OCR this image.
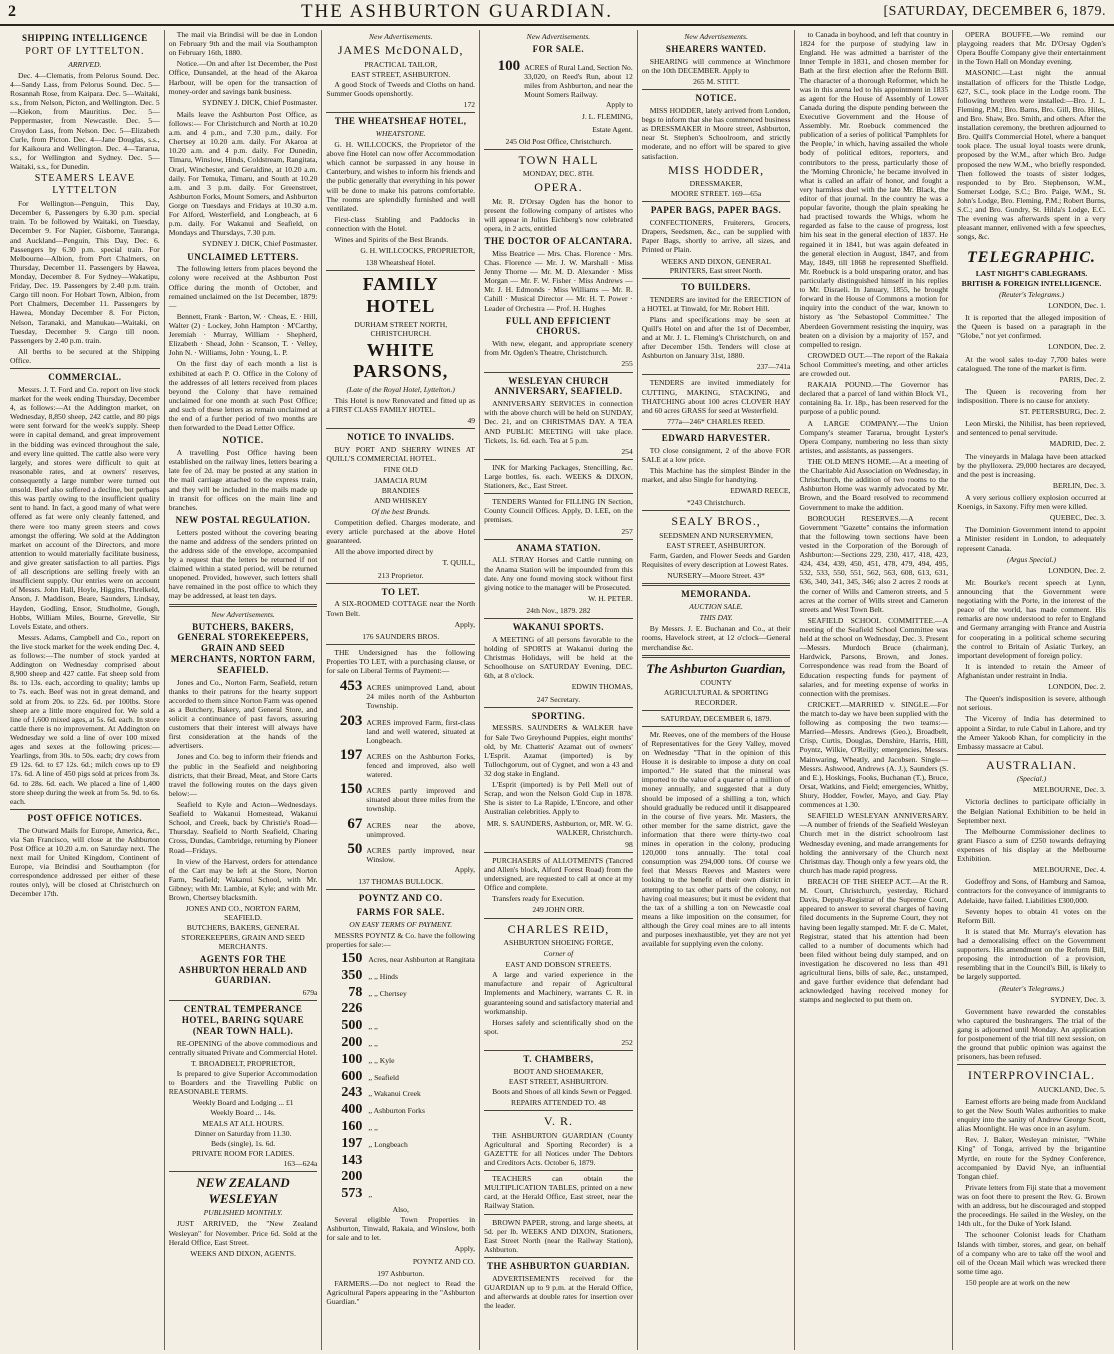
2	THE ASHBURTON GUARDIAN.	[SATURDAY, DECEMBER 6, 1879.
SHIPPING INTELLIGENCE
PORT OF LYTTELTON.
ARRIVED.

Dec. 4—Clematis, from Pelorus Sound. Dec. 4—Sandy Lass, from Pelorus Sound. Dec. 5—Rosannah Rose, from Kaipara. Dec. 5—Waitaki, s.s., from Nelson, Picton, and Wellington. Dec. 5—Kiekon, from Mauritius. Dec. 5—Peppermaster, from Newcastle. Dec. 5—Croydon Lass, from Nelson. Dec. 5—Elizabeth Curle, from Picton. Dec. 4—Jane Douglas, s.s., for Kaikoura and Wellington. Dec. 4—Tararua, s.s., for Wellington and Sydney. Dec. 5—Waitaki, s.s., for Dunedin.

STEAMERS LEAVE LYTTELTON

For Wellington—Penguin, This Day, December 6, Passengers by 6.30 p.m. special train. To be followed by Waitaki, on Tuesday, December 9. For Napier, Gisborne, Tauranga, and Auckland—Penguin, This Day, Dec. 6. Passengers by 6.30 p.m. special train. For Melbourne—Albion, from Port Chalmers, on Thursday, December 11. Passengers by Hawea, Monday, December 8. For Sydney—Wakatipu, Friday, Dec. 19. Passengers by 2.40 p.m. train. Cargo till noon. For Hobart Town, Albion, from Port Chalmers, December 11. Passengers by Hawea, Monday December 8. For Picton, Nelson, Taranaki, and Manukau—Waitaki, on Tuesday, December 9. Cargo till noon. Passengers by 2.40 p.m. train.

All berths to be secured at the Shipping Office.

COMMERCIAL.

Messrs. J. T. Ford and Co. report on live stock market for the week ending Thursday, December 4, as follows:—At the Addington market, on Wednesday, 8,850 sheep, 242 cattle, and 80 pigs were sent forward for the week's supply. Sheep were in capital demand, and great improvement in the bidding was evinced throughout the sale, and every line quitted. The cattle also were very largely, and stores were difficult to quit at reasonable rates, and at owners' reserves, consequently a large number were turned out unsold. Beef also suffered a decline, but perhaps this was partly owing to the insufficient quality sent to hand. In fact, a good many of what were offered as fat were only cleanly fattened, and there were too many green steers and cows amongst the offering. We sold at the Addington market on account of the Directors, and more attention to would materially facilitate business, and give greater satisfaction to all parties. Pigs of all descriptions are selling freely with an insufficient supply. Our entries were on account of Messrs. John Hall, Hoyle, Higgins, Threlkeld, Anson, J. Maddison, Beare, Saunders, Lindsay, Hayden, Godling, Ensor, Studholme, Gough, Hobbs, William Miles, Bourne, Grevelle, Sir Lovels Estate, and others.

Messrs. Adams, Campbell and Co., report on the live stock market for the week ending Dec. 4, as follows:—The number of stock yarded at Addington on Wednesday comprised about 8,900 sheep and 427 cattle. Fat sheep sold from 8s. to 13s. each, according to quality; lambs up to 7s. each. Beef was not in great demand, and sold at from 20s. to 22s. 6d. per 100lbs. Store sheep are a little more enquired for. We sold a line of 1,600 mixed ages, at 5s. 6d. each. In store cattle there is no improvement. At Addington on Wednesday we sold a line of over 100 mixed ages and sexes at the following prices:—Yearlings, from 30s. to 50s. each; dry cows from £9 12s. 6d. to £7 12s. 6d.; milch cows up to £9 17s. 6d. A line of 450 pigs sold at prices from 3s. 6d. to 28s. 6d. each. We placed a line of 1,400 store sheep during the week at from 5s. 9d. to 6s. each.

POST OFFICE NOTICES.

The Outward Mails for Europe, America, &c., via San Francisco, will close at the Ashburton Post Office at 10.20 a.m. on Saturday next. The next mail for United Kingdom, Continent of Europe, via Brindisi and Southampton (for correspondence addressed per either of these routes only), will be closed at Christchurch on December 17th.

The mail via Brindisi will be due in London on February 9th and the mail via Southampton on February 16th, 1880.

Notice.—On and after 1st December, the Post Office, Dunsandel, at the head of the Akaroa Harbour, will be open for the transaction of money-order and savings bank business.

SYDNEY J. DICK, Chief Postmaster.

Mails leave the Ashburton Post Office, as follows:— For Christchurch and North at 10.20 a.m. and 4 p.m., and 7.30 p.m., daily. For Chertsey at 10.20 a.m. daily. For Akaroa at 10.20 a.m. and 4 p.m. daily. For Dunedin, Timaru, Winslow, Hinds, Coldstream, Rangitata, Orari, Winchester, and Geraldine, at 10.20 a.m. daily. For Temuka, Timaru, and South at 10.20 a.m. and 3 p.m. daily. For Greenstreet, Ashburton Forks, Mount Somers, and Ashburton Gorge on Tuesdays and Fridays at 10.30 a.m. For Alford, Westerfield, and Longbeach, at 6 p.m. daily. For Wakanui and Seafield, on Mondays and Thursdays, 7.30 p.m.

SYDNEY J. DICK, Chief Postmaster.
UNCLAIMED LETTERS.

The following letters from places beyond the colony were received at the Ashburton Post Office during the month of October, and remained unclaimed on the 1st December, 1879:—

Bennett, Frank · Barton, W. · Cheas, E. · Hill, Walter (2) · Lockey, John Hampton · M'Carthy, Jeremiah · Murray, William · Shepherd, Elizabeth · Shead, John · Scanson, T. · Velley, John N. · Williams, John · Young, L. P.

On the first day of each month a list is exhibited at each P. O. Office in the Colony of the addresses of all letters received from places beyond the Colony that have remained unclaimed for one month at such Post Office; and such of these letters as remain unclaimed at the end of a further period of two months are then forwarded to the Dead Letter Office.

NOTICE.

A travelling Post Office having been established on the railway lines, letters bearing a late fee of 2d. may be posted at any station in the mail carriage attached to the express train, and they will be included in the mails made up in transit for offices on the main line and branches.

NEW POSTAL REGULATION.

Letters posted without the covering bearing the name and address of the senders printed on the address side of the envelope, accompanied by a request that the letters be returned if not claimed within a stated period, will be returned unopened. Provided, however, such letters shall have remained in the post office to which they may be addressed, at least ten days.

New Advertisements.
BUTCHERS, BAKERS, GENERAL STOREKEEPERS, GRAIN AND SEED MERCHANTS, NORTON FARM, SEAFIELD.

Jones and Co., Norton Farm, Seafield, return thanks to their patrons for the hearty support accorded to them since Norton Farm was opened as a Butchery, Bakery, and General Store, and solicit a continuance of past favors, assuring customers that their interest will always have first consideration at the hands of the advertisers.

Jones and Co. beg to inform their friends and the public in the Seafield and neighboring districts, that their Bread, Meat, and Store Carts travel the following routes on the days given below:—

Seafield to Kyle and Acton—Wednesdays. Seafield to Wakanui Homestead, Wakanui School, and Creek, back by Christie's Road—Thursday. Seafield to North Seafield, Charing Cross, Dundas, Cambridge, returning by Pioneer Road—Fridays.

In view of the Harvest, orders for attendance of the Cart may be left at the Store, Norton Farm, Seafield; Wakanui School, with Mr. Gibney; with Mr. Lambie, at Kyle; and with Mr. Brown, Chertsey blacksmith.

JONES AND CO., NORTON FARM, SEAFIELD.
BUTCHERS, BAKERS, GENERAL STOREKEEPERS, GRAIN AND SEED MERCHANTS.
AGENTS FOR THE ASHBURTON HERALD AND GUARDIAN.
679a
CENTRAL TEMPERANCE HOTEL, BARING SQUARE (NEAR TOWN HALL).

RE-OPENING of the above commodious and centrally situated Private and Commercial Hotel.

T. BROADBELT, PROPRIETOR,

Is prepared to give Superior Accommodation to Boarders and the Travelling Public on REASONABLE TERMS.

Weekly Board and Lodging ... £1
Weekly Board ... 14s.
MEALS AT ALL HOURS.
Dinner on Saturday from 11.30.
Beds (single), 1s. 6d.
PRIVATE ROOM FOR LADIES.
163—624a
NEW ZEALAND WESLEYAN
PUBLISHED MONTHLY.

JUST ARRIVED, the "New Zealand Wesleyan" for November. Price 6d. Sold at the Herald Office, East Street.

WEEKS AND DIXON, AGENTS.
New Advertisements.
JAMES McDONALD,
PRACTICAL TAILOR,
EAST STREET, ASHBURTON.

A good Stock of Tweeds and Cloths on hand. Summer Goods openshortly.

172
THE WHEATSHEAF HOTEL,
WHEATSTONE.

G. H. WILLCOCKS, the Proprietor of the above fine Hotel can now offer Accommodation which cannot be surpassed in any house in Canterbury, and wishes to inform his friends and the public generally that everything in his power will be done to make his patrons comfortable. The rooms are splendidly furnished and well ventilated.

First-class Stabling and Paddocks in connection with the Hotel.

Wines and Spirits of the Best Brands.

G. H. WILLCOCKS, PROPRIETOR,
138 Wheatsheaf Hotel.
FAMILY HOTEL
DURHAM STREET NORTH, CHRISTCHURCH.
WHITE PARSONS,
(Late of the Royal Hotel, Lyttelton.)

This Hotel is now Renovated and fitted up as a FIRST CLASS FAMILY HOTEL.

49
NOTICE TO INVALIDS.

BUY PORT AND SHERRY WINES AT QUILL'S COMMERCIAL HOTEL.

FINE OLD
JAMACIA RUM
BRANDIES
AND WHISKEY
Of the best Brands.

Competition defied. Charges moderate, and every article purchased at the above Hotel guaranteed.

All the above imported direct by

T. QUILL,
213 Proprietor.
TO LET.

A SIX-ROOMED COTTAGE near the North Town Belt.

Apply,
176 SAUNDERS BROS.

THE Undersigned has the following Properties TO LET, with a purchasing clause, or for sale on Liberal Terms of Payment:—

453 ACRES unimproved Land, about 24 miles north of the Ashburton Township.
203 ACRES improved Farm, first-class land and well watered, situated at Longbeach.
197 ACRES on the Ashburton Forks, fenced and improved, also well watered.
150 ACRES partly improved and situated about three miles from the township.
67 ACRES near the above, unimproved.
50 ACRES partly improved, near Winslow.
Apply,
137 THOMAS BULLOCK.
POYNTZ AND CO.
FARMS FOR SALE.
ON EASY TERMS OF PAYMENT.

MESSRS POYNTZ & Co. have the following properties for sale:—

150 Acres, near Ashburton at Rangitata
350 ,, ,, Hinds
78 ,, ,, Chertsey
226
500 ,, ,,
200 ,, ,,
100 ,, ,, Kyle
600 ,, Seafield
243 ,, Wakanui Creek
400 ,, Ashburton Forks
160 ,, ,,
197 ,, Longbeach
143
200
573 ,,
Also,

Several eligible Town Properties in Ashburton, Tinwald, Rakaia, and Winslow, both for sale and to let.

Apply,
POYNTZ AND CO.
197 Ashburton.

FARMERS.—Do not neglect to Read the Agricultural Papers appearing in the "Ashburton Guardian."

New Advertisements.
FOR SALE.
100 ACRES of Rural Land, Section No. 33,020, on Reed's Run, about 12 miles from Ashburton, and near the Mount Somers Railway.
Apply to
J. L. FLEMING,
Estate Agent.
245 Old Post Office, Christchurch.
TOWN HALL
MONDAY, DEC. 8TH.
OPERA.

Mr. R. D'Orsay Ogden has the honor to present the following company of artistes who will appear in Julius Eichberg's now celebrated opera, in 2 acts, entitled

THE DOCTOR OF ALCANTARA.

Miss Beatrice — Mrs. Chas. Florence · Mrs. Chas. Florence — Mr. J. W. Marshall · Miss Jenny Thorne — Mr. M. D. Alexander · Miss Morgan — Mr. F. W. Fisher · Miss Andrews — Mr. J. H. Edmonds · Miss Williams — Mr. R. Cahill · Musical Director — Mr. H. T. Power · Leader of Orchestra — Prof. H. Hughes

FULL AND EFFICIENT CHORUS.

With new, elegant, and appropriate scenery from Mr. Ogden's Theatre, Christchurch.

255
WESLEYAN CHURCH ANNIVERSARY, SEAFIELD.

ANNIVERSARY SERVICES in connection with the above church will be held on SUNDAY, Dec. 21, and on CHRISTMAS DAY. A TEA AND PUBLIC MEETING will take place. Tickets, 1s. 6d. each. Tea at 5 p.m.

254

INK for Marking Packages, Stencilling, &c. Large bottles, 6s. each. WEEKS & DIXON, Stationers, &c., East Street.

TENDERS Wanted for FILLING IN Section, County Council Offices. Apply, D. LEE, on the premises.

257
ANAMA STATION.

ALL STRAY Horses and Cattle running on the Anama Station will be impounded from this date. Any one found moving stock without first giving notice to the manager will be Prosecuted.

W. H. PETER.
24th Nov., 1879. 282
WAKANUI SPORTS.

A MEETING of all persons favorable to the holding of SPORTS at Wakanui during the Christmas Holidays, will be held at the Schoolhouse on SATURDAY Evening, DEC. 6th, at 8 o'clock.

EDWIN THOMAS,
247 Secretary.
SPORTING.

MESSRS. SAUNDERS & WALKER have for Sale Two Greyhound Puppies, eight months' old, by Mr. Chatteris' Azamat out of owners' L'Esprit. Azamat (imported) is by Tullochgorum, out of Cygnet, and won a 43 and 32 dog stake in England.

L'Esprit (imported) is by Pell Mell out of Scrap, and won the Nelson Gold Cup in 1878. She is sister to La Rapide, L'Encore, and other Australian celebrities. Apply to

MR. S. SAUNDERS, Ashburton, or, MR. W. G. WALKER, Christchurch.
98

PURCHASERS of ALLOTMENTS (Tancred and Allen's block, Alford Forest Road) from the undersigned, are requested to call at once at my Office and complete.

Transfers ready for Execution.

249 JOHN ORR.
CHARLES REID,
ASHBURTON SHOEING FORGE,
Corner of
EAST AND DOBSON STREETS.

A large and varied experience in the manufacture and repair of Agricultural Implements and Machinery, warrants C. R. in guaranteeing sound and satisfactory material and workmanship.

Horses safely and scientifically shod on the spot.

252
T. CHAMBERS,
BOOT AND SHOEMAKER,
EAST STREET, ASHBURTON.

Boots and Shoes of all kinds Sewn or Pegged.

REPAIRS ATTENDED TO. 48
V. R.

THE ASHBURTON GUARDIAN (County Agricultural and Sporting Recorder) is a GAZETTE for all Notices under The Debtors and Creditors Acts. October 6, 1879.

TEACHERS can obtain the MULTIPLICATION TABLES, printed on a new card, at the Herald Office, East street, near the Railway Station.

BROWN PAPER, strong, and large sheets, at 5d. per lb. WEEKS AND DIXON, Stationers, East Street North (near the Railway Station), Ashburton.

THE ASHBURTON GUARDIAN.

ADVERTISEMENTS received for the GUARDIAN up to 9 p.m. at the Herald Office, and afterwards at double rates for insertion over the leader.

New Advertisements.
SHEARERS WANTED.

SHEARING will commence at Winchmore on the 10th DECEMBER. Apply to

265 M. STITT.
NOTICE.

MISS HODDER, lately arrived from London, begs to inform that she has commenced business as DRESSMAKER in Moore street, Ashburton, near St. Stephen's Schoolroom, and strictly moderate, and no effort will be spared to give satisfaction.

MISS HODDER,
DRESSMAKER,
MOORE STREET. 169—65a
PAPER BAGS, PAPER BAGS.

CONFECTIONERS, Fruiterers, Grocers, Drapers, Seedsmen, &c., can be supplied with Paper Bags, shortly to arrive, all sizes, and Printed or Plain.

WEEKS AND DIXON, GENERAL PRINTERS, East street North.
TO BUILDERS.

TENDERS are invited for the ERECTION of a HOTEL at Tinwald, for Mr. Robert Hill.

Plans and specifications may be seen at Quill's Hotel on and after the 1st of December, and at Mr. J. L. Fleming's Christchurch, on and after December 15th. Tenders will close at Ashburton on January 31st, 1880.

237—741a

TENDERS are invited immediately for CUTTING, MAKING, STACKING, and THATCHING about 100 acres CLOVER HAY and 60 acres GRASS for seed at Westerfield.

777a—246* CHARLES REED.
EDWARD HARVESTER.

TO close consignment, 2 of the above FOR SALE at a low price.

This Machine has the simplest Binder in the market, and also Single for handtying.

EDWARD REECE,
*243 Christchurch.
SEALY BROS.,
SEEDSMEN AND NURSERYMEN,
EAST STREET, ASHBURTON.

Farm, Garden, and Flower Seeds and Garden Requisites of every description at Lowest Rates.

NURSERY—Moore Street. 43*
MEMORANDA.
AUCTION SALE.
THIS DAY.

By Messrs. J. E. Buchanan and Co., at their rooms, Havelock street, at 12 o'clock—General merchandise &c.

The Ashburton Guardian,
COUNTY
AGRICULTURAL & SPORTING RECORDER.
SATURDAY, DECEMBER 6, 1879.

Mr. Reeves, one of the members of the House of Representatives for the Grey Valley, moved on Wednesday "That in the opinion of this House it is desirable to impose a duty on coal imported." He stated that the mineral was imported to the value of a quarter of a million of money annually, and suggested that a duty should be imposed of a shilling a ton, which should gradually be reduced until it disappeared in the course of five years. Mr. Masters, the other member for the same district, gave the information that there were thirty-two coal mines in operation in the colony, producing 120,000 tons annually. The total coal consumption was 294,000 tons. Of course we feel that Messrs Reeves and Masters were looking to the benefit of their own district in attempting to tax other parts of the colony, not having coal measures; but it must be evident that the tax of a shilling a ton on Newcastle coal means a like imposition on the consumer, for although the Grey coal mines are to all intents and purposes inexhaustible, yet they are not yet available for supplying even the colony.

to Canada in boyhood, and left that country in 1824 for the purpose of studying law in England. He was admitted a barrister of the Inner Temple in 1831, and chosen member for Bath at the first election after the Reform Bill. The character of a thorough Reformer, which he was in this arena led to his appointment in 1835 as agent for the House of Assembly of Lower Canada during the dispute pending between the Executive Government and the House of Assembly. Mr. Roebuck commenced the publication of a series of political 'Pamphlets for the People,' in which, having assailed the whole body of political editors, reporters, and contributors to the press, particularly those of the 'Morning Chronicle,' he became involved in what is called an affair of honor, and fought a very harmless duel with the late Mr. Black, the editor of that journal. In the country he was a popular favorite, though the plain speaking he had practised towards the Whigs, whom he regarded as false to the cause of progress, lost him his seat in the general election of 1837. He regained it in 1841, but was again defeated in the general election in August, 1847, and from May, 1849, till 1868 he represented Sheffield. Mr. Roebuck is a bold unsparing orator, and has particularly distinguished himself in his replies to Mr. Disraeli. In January, 1855, he brought forward in the House of Commons a motion for inquiry into the conduct of the war, known to history as 'the Sebastopol Committee.' The Aberdeen Government resisting the inquiry, was beaten on a division by a majority of 157, and compelled to resign.

CROWDED OUT.—The report of the Rakaia School Committee's meeting, and other articles are crowded out.

RAKAIA POUND.—The Governor has declared that a parcel of land within Block VI., containing 8a. 1r. 18p., has been reserved for the purpose of a public pound.

A LARGE COMPANY.—The Union Company's steamer Tararua, brought Lyster's Opera Company, numbering no less than sixty artistes, and assistants, as passengers.

THE OLD MEN'S HOME.—At a meeting of the Charitable Aid Association on Wednesday, in Christchurch, the addition of two rooms to the Ashburton Home was warmly advocated by Mr. Brown, and the Board resolved to recommend Government to make the addition.

BOROUGH RESERVES.—A recent Government "Gazette" contains the information that the following town sections have been vested in the Corporation of the Borough of Ashburton:—Sections 229, 230, 417, 418, 423, 424, 434, 439, 450, 451, 478, 479, 494, 495, 532, 533, 550, 551, 562, 563, 608, 613, 631, 636, 340, 341, 345, 346; also 2 acres 2 roods at the corner of Wills and Cameron streets, and 5 acres at the corner of Wills street and Cameron streets and West Town Belt.

SEAFIELD SCHOOL COMMITTEE.—A meeting of the Seafield School Committee was held at the school on Wednesday, Dec. 3. Present—Messrs. Murdoch Bruce (chairman), Hardwick, Parsons, Brown, and Jones. Correspondence was read from the Board of Education respecting funds for payment of salaries, and for meeting expense of works in connection with the premises.

CRICKET.—MARRIED v. SINGLE.—For the match to-day we have been supplied with the following as composing the two teams:—Married—Messrs. Andrews (Geo.), Broadbelt, Crisp, Curtis, Douglas, Denshire, Harris, Hill, Poyntz, Wilkie, O'Reilly; emergencies, Messrs. Mainwaring, Wheatly, and Jacobsen. Single—Messrs. Ashwood, Andrews (A. J.), Saunders (S. and E.), Hoskings, Fooks, Buchanan (T.), Bruce, Orsat, Watkins, and Field; emergencies, Whitby, Shury, Hodder, Fowler, Mayo, and Gay. Play commences at 1.30.

SEAFIELD WESLEYAN ANNIVERSARY.—A number of friends of the Seafield Wesleyan Church met in the district schoolroom last Wednesday evening, and made arrangements for holding the anniversary of the Church next Christmas day. Though only a few years old, the church has made rapid progress.

BREACH OF THE SHEEP ACT.—At the R. M. Court, Christchurch, yesterday, Richard Davis, Deputy-Registrar of the Supreme Court, appeared to answer to several charges of having filed documents in the Supreme Court, they not having been legally stamped. Mr. F. de C. Malet, Registrar, stated that his attention had been called to a number of documents which had been filed without being duly stamped, and on investigation he discovered no less than 491 agricultural liens, bills of sale, &c., unstamped, and gave further evidence that defendant had acknowledged having received money for stamps and neglected to put them on.

OPERA BOUFFE.—We remind our playgoing readers that Mr. D'Orsay Ogden's Opera Bouffe Company give their entertainment in the Town Hall on Monday evening.

MASONIC.—Last night the annual installation of officers for the Thistle Lodge, 627, S.C., took place in the Lodge room. The following brethren were installed:—Bro. J. L. Fleming, P.M.; Bro. Barns, Bro. Gill, Bro. Hiles, and Bro. Shaw, Bro. Smith, and others. After the installation ceremony, the brethren adjourned to Bro. Quill's Commercial Hotel, where a banquet took place. The usual loyal toasts were drunk, proposed by the W.M., after which Bro. Judge proposed the new W.M., who briefly responded. Then followed the toasts of sister lodges, responded to by Bro. Stephenson, W.M., Somerset Lodge, S.C.; Bro. Paige, W.M., St. John's Lodge, Bro. Fleming, P.M.; Robert Burns, S.C.; and Bro. Gundry, St. Hilda's Lodge, E.C. The evening was afterwards spent in a very pleasant manner, enlivened with a few speeches, songs, &c.

TELEGRAPHIC.
LAST NIGHT'S CABLEGRAMS.
BRITISH & FOREIGN INTELLIGENCE.
(Reuter's Telegrams.)
LONDON, Dec. 1.

It is reported that the alleged imposition of the Queen is based on a paragraph in the "Globe," not yet confirmed.

LONDON, Dec. 2.

At the wool sales to-day 7,700 bales were catalogued. The tone of the market is firm.

PARIS, Dec. 2.

The Queen is recovering from her indisposition. There is no cause for anxiety.

ST. PETERSBURG, Dec. 2.

Leon Mirski, the Nihilist, has been reprieved, and sentenced to penal servitude.

MADRID, Dec. 2.

The vineyards in Malaga have been attacked by the phylloxera. 29,000 hectares are decayed, and the pest is increasing.

BERLIN, Dec. 3.

A very serious colliery explosion occurred at Koenigs, in Saxony. Fifty men were killed.

QUEBEC, Dec. 3.

The Dominion Government intend to appoint a Minister resident in London, to adequately represent Canada.

(Argus Special.)
LONDON, Dec. 2.

Mr. Bourke's recent speech at Lynn, announcing that the Government were negotiating with the Porte, in the interest of the peace of the world, has made comment. His remarks are now understood to refer to England and Germany arranging with France and Austria for cooperating in a political scheme securing the control to Britain of Asiatic Turkey, an important development of foreign policy.

It is intended to retain the Ameer of Afghanistan under restraint in India.

LONDON, Dec. 2.

The Queen's indisposition is severe, although not serious.

The Viceroy of India has determined to appoint a Sirdar, to rule Cabul in Lahore, and try the Ameer Yakoob Khan, for complicity in the Embassy massacre at Cabul.

AUSTRALIAN.
(Special.)
MELBOURNE, Dec. 3.

Victoria declines to participate officially in the Belgian National Exhibition to be held in September next.

The Melbourne Commissioner declines to grant Fiasco a sum of £250 towards defraying expenses of his display at the Melbourne Exhibition.

MELBOURNE, Dec. 4.

Godeffroy and Sons, of Hamburg and Samoa, contractors for the conveyance of immigrants to Adelaide, have failed. Liabilities £300,000.

Seventy hopes to obtain 41 votes on the Reform Bill.

It is stated that Mr. Murray's elevation has had a demoralising effect on the Government supporters. His amendment on the Reform Bill, proposing the introduction of a provision, resembling that in the Council's Bill, is likely to be largely supported.

(Reuter's Telegrams.)
SYDNEY, Dec. 3.

Government have rewarded the constables who captured the bushrangers. The trial of the gang is adjourned until Monday. An application for postponement of the trial till next session, on the ground that public opinion was against the prisoners, has been refused.

INTERPROVINCIAL.
AUCKLAND, Dec. 5.

Earnest efforts are being made from Auckland to get the New South Wales authorities to make enquiry into the sanity of Andrew George Scott, alias Moonlight. He was once in an asylum.

Rev. J. Baker, Wesleyan minister, "White King" of Tonga, arrived by the brigantine Myrtle, en route for the Sydney Conference, accompanied by David Nye, an influential Tongan chief.

Private letters from Fiji state that a movement was on foot there to present the Rev. G. Brown with an address, but he discouraged and stopped the proceedings. He sailed in the Wesley, on the 14th ult., for the Duke of York Island.

The schooner Colonist leads for Chatham Islands with timber, stores, and gear, on behalf of a company who are to take off the wool and oil of the Ocean Mail which was wrecked there some time ago.

150 people are at work on the new
